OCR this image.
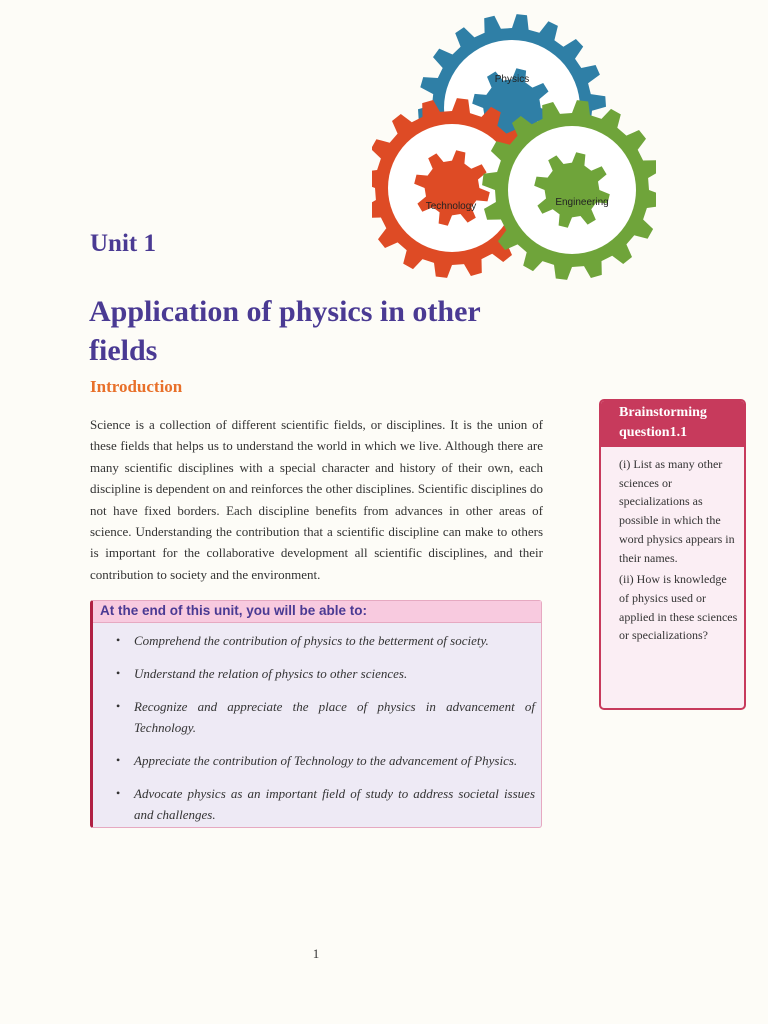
Physics
Technology	Engineering
Unit 1
Application of physics in other fields
Introduction
Science is a collection of different scientific fields, or disciplines. It is the union of these fields that helps us to understand the world in which we live. Although there are many scientific disciplines with a special character and history of their own, each discipline is dependent on and reinforces the other disciplines. Scientific disciplines do not have fixed borders. Each discipline benefits from advances in other areas of science. Understanding the contribution that a scientific discipline can make to others is important for the collaborative development all scientific disciplines, and their contribution to society and the environment.
At the end of this unit, you will be able to:
• Comprehend the contribution of physics to the betterment of society.
• Understand the relation of physics to other sciences.
• Recognize and appreciate the place of physics in advancement of Technology.
• Appreciate the contribution of Technology to the advancement of Physics.
• Advocate physics as an important field of study to address societal issues and challenges.
Brainstorming question1.1

(i) List as many other sciences or specializations as possible in which the word physics appears in their names.

(ii) How is knowledge of physics used or applied in these sciences or specializations?

1
